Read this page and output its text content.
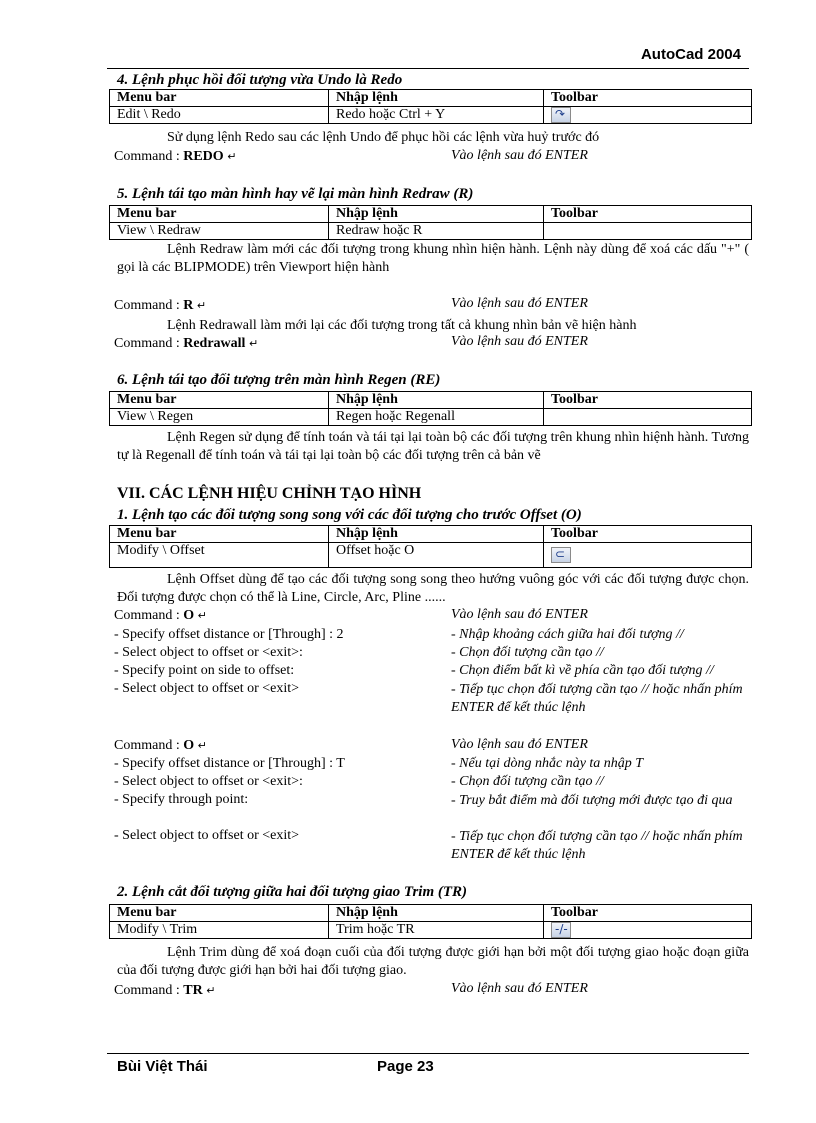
AutoCad 2004
4. Lệnh phục hồi đối tượng vừa Undo là Redo
Menu bar	Nhập lệnh	Toolbar
Edit \ Redo	Redo hoặc Ctrl + Y	↷
Sử dụng lệnh Redo sau các lệnh Undo để phục hồi các lệnh vừa huỷ trước đó
Command : REDO ↵	Vào lệnh sau đó ENTER
5. Lệnh tái tạo màn hình hay vẽ lại màn hình Redraw (R)
Menu bar	Nhập lệnh	Toolbar
View \ Redraw	Redraw hoặc R	
Lệnh Redraw làm mới các đối tượng trong khung nhìn hiện hành. Lệnh này dùng để xoá các dấu "+" ( gọi là các BLIPMODE) trên Viewport hiện hành
Command : R ↵	Vào lệnh sau đó ENTER
Lệnh Redrawall làm mới lại các đối tượng trong tất cả khung nhìn bản vẽ hiện hành
Command : Redrawall ↵	Vào lệnh sau đó ENTER
6. Lệnh tái tạo đối tượng trên màn hình Regen (RE)
Menu bar	Nhập lệnh	Toolbar
View \ Regen	Regen hoặc Regenall	
Lệnh Regen sử dụng để tính toán và tái tại lại toàn bộ các đối tượng trên khung nhìn hiệnh hành. Tương tự là Regenall để tính toán và tái tại lại toàn bộ các đối tượng trên cả bản vẽ
VII. CÁC LỆNH HIỆU CHỈNH TẠO HÌNH
1. Lệnh tạo các đối tượng song song với các đối tượng cho trước Offset (O)
Menu bar	Nhập lệnh	Toolbar
Modify \ Offset	Offset hoặc O	⊂
Lệnh Offset dùng để tạo các đối tượng song song theo hướng vuông góc với các đối tượng được chọn. Đối tượng được chọn có thể là Line, Circle, Arc, Pline ......
Command : O ↵	Vào lệnh sau đó ENTER
- Specify offset distance or [Through] : 2	- Nhập khoảng cách giữa hai đối tượng //
- Select object to offset or <exit>:	- Chọn đối tượng cần tạo //
- Specify point on side to offset:	- Chọn điểm bất kì về phía cần tạo đối tượng //
- Select object to offset or <exit>	- Tiếp tục chọn đối tượng cần tạo // hoặc nhấn phím ENTER để kết thúc lệnh
Command : O ↵	Vào lệnh sau đó ENTER
- Specify offset distance or [Through] : T	- Nếu tại dòng nhắc này ta nhập T
- Select object to offset or <exit>:	- Chọn đối tượng cần tạo //
- Specify through point:	- Truy bắt điểm mà đối tượng mới được tạo đi qua
- Select object to offset or <exit>	- Tiếp tục chọn đối tượng cần tạo // hoặc nhấn phím ENTER để kết thúc lệnh
2. Lệnh cắt đối tượng giữa hai đối tượng giao Trim (TR)
Menu bar	Nhập lệnh	Toolbar
Modify \ Trim	Trim hoặc TR	-/-
Lệnh Trim dùng để xoá đoạn cuối của đối tượng được giới hạn bởi một đối tượng giao hoặc đoạn giữa của đối tượng được giới hạn bởi hai đối tượng giao.
Command : TR ↵	Vào lệnh sau đó ENTER
Bùi Việt Thái	Page 23
